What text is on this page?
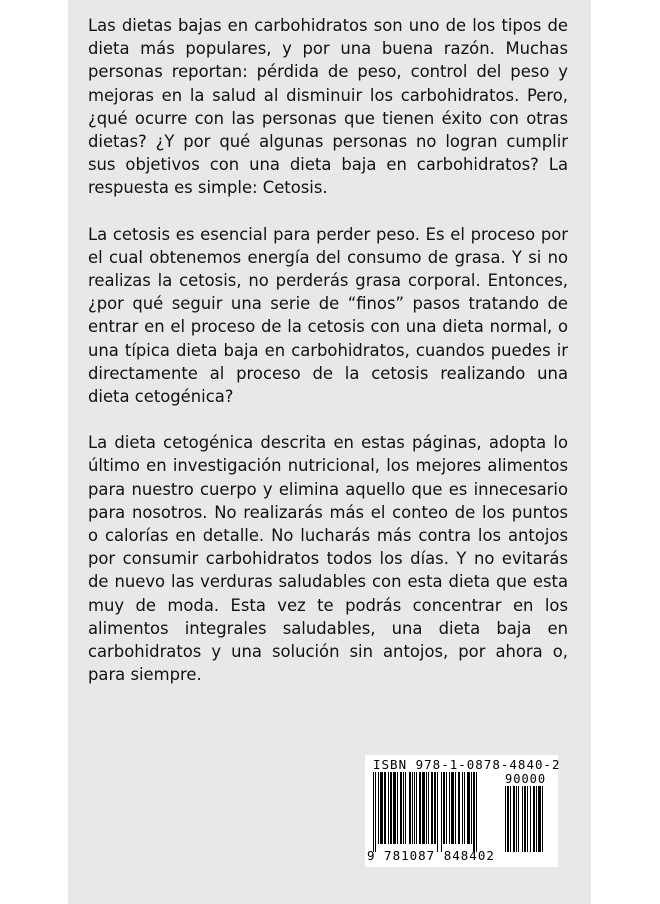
Las dietas bajas en carbohidratos son uno de los tipos de dieta más populares, y por una buena razón. Muchas personas reportan: pérdida de peso, control del peso y mejoras en la salud al disminuir los carbohidratos. Pero, ¿qué ocurre con las personas que tienen éxito con otras dietas? ¿Y por qué algunas personas no logran cumplir sus objetivos con una dieta baja en carbohidratos? La respuesta es simple: Cetosis.

La cetosis es esencial para perder peso. Es el proceso por el cual obtenemos energía del consumo de grasa. Y si no realizas la cetosis, no perderás grasa corporal. Entonces, ¿por qué seguir una serie de “finos” pasos tratando de entrar en el proceso de la cetosis con una dieta normal, o una típica dieta baja en carbohidratos, cuandos puedes ir directamente al proceso de la cetosis realizando una dieta cetogénica?

La dieta cetogénica descrita en estas páginas, adopta lo último en investigación nutricional, los mejores alimentos para nuestro cuerpo y elimina aquello que es innecesario para nosotros. No realizarás más el conteo de los puntos o calorías en detalle. No lucharás más contra los antojos por consumir carbohidratos todos los días. Y no evitarás de nuevo las verduras saludables con esta dieta que esta muy de moda. Esta vez te podrás concentrar en los alimentos integrales saludables, una dieta baja en carbohidratos y una solución sin antojos, por ahora o, para siempre.

ISBN 978-1-0878-4840-2
90000
9 781087 848402
